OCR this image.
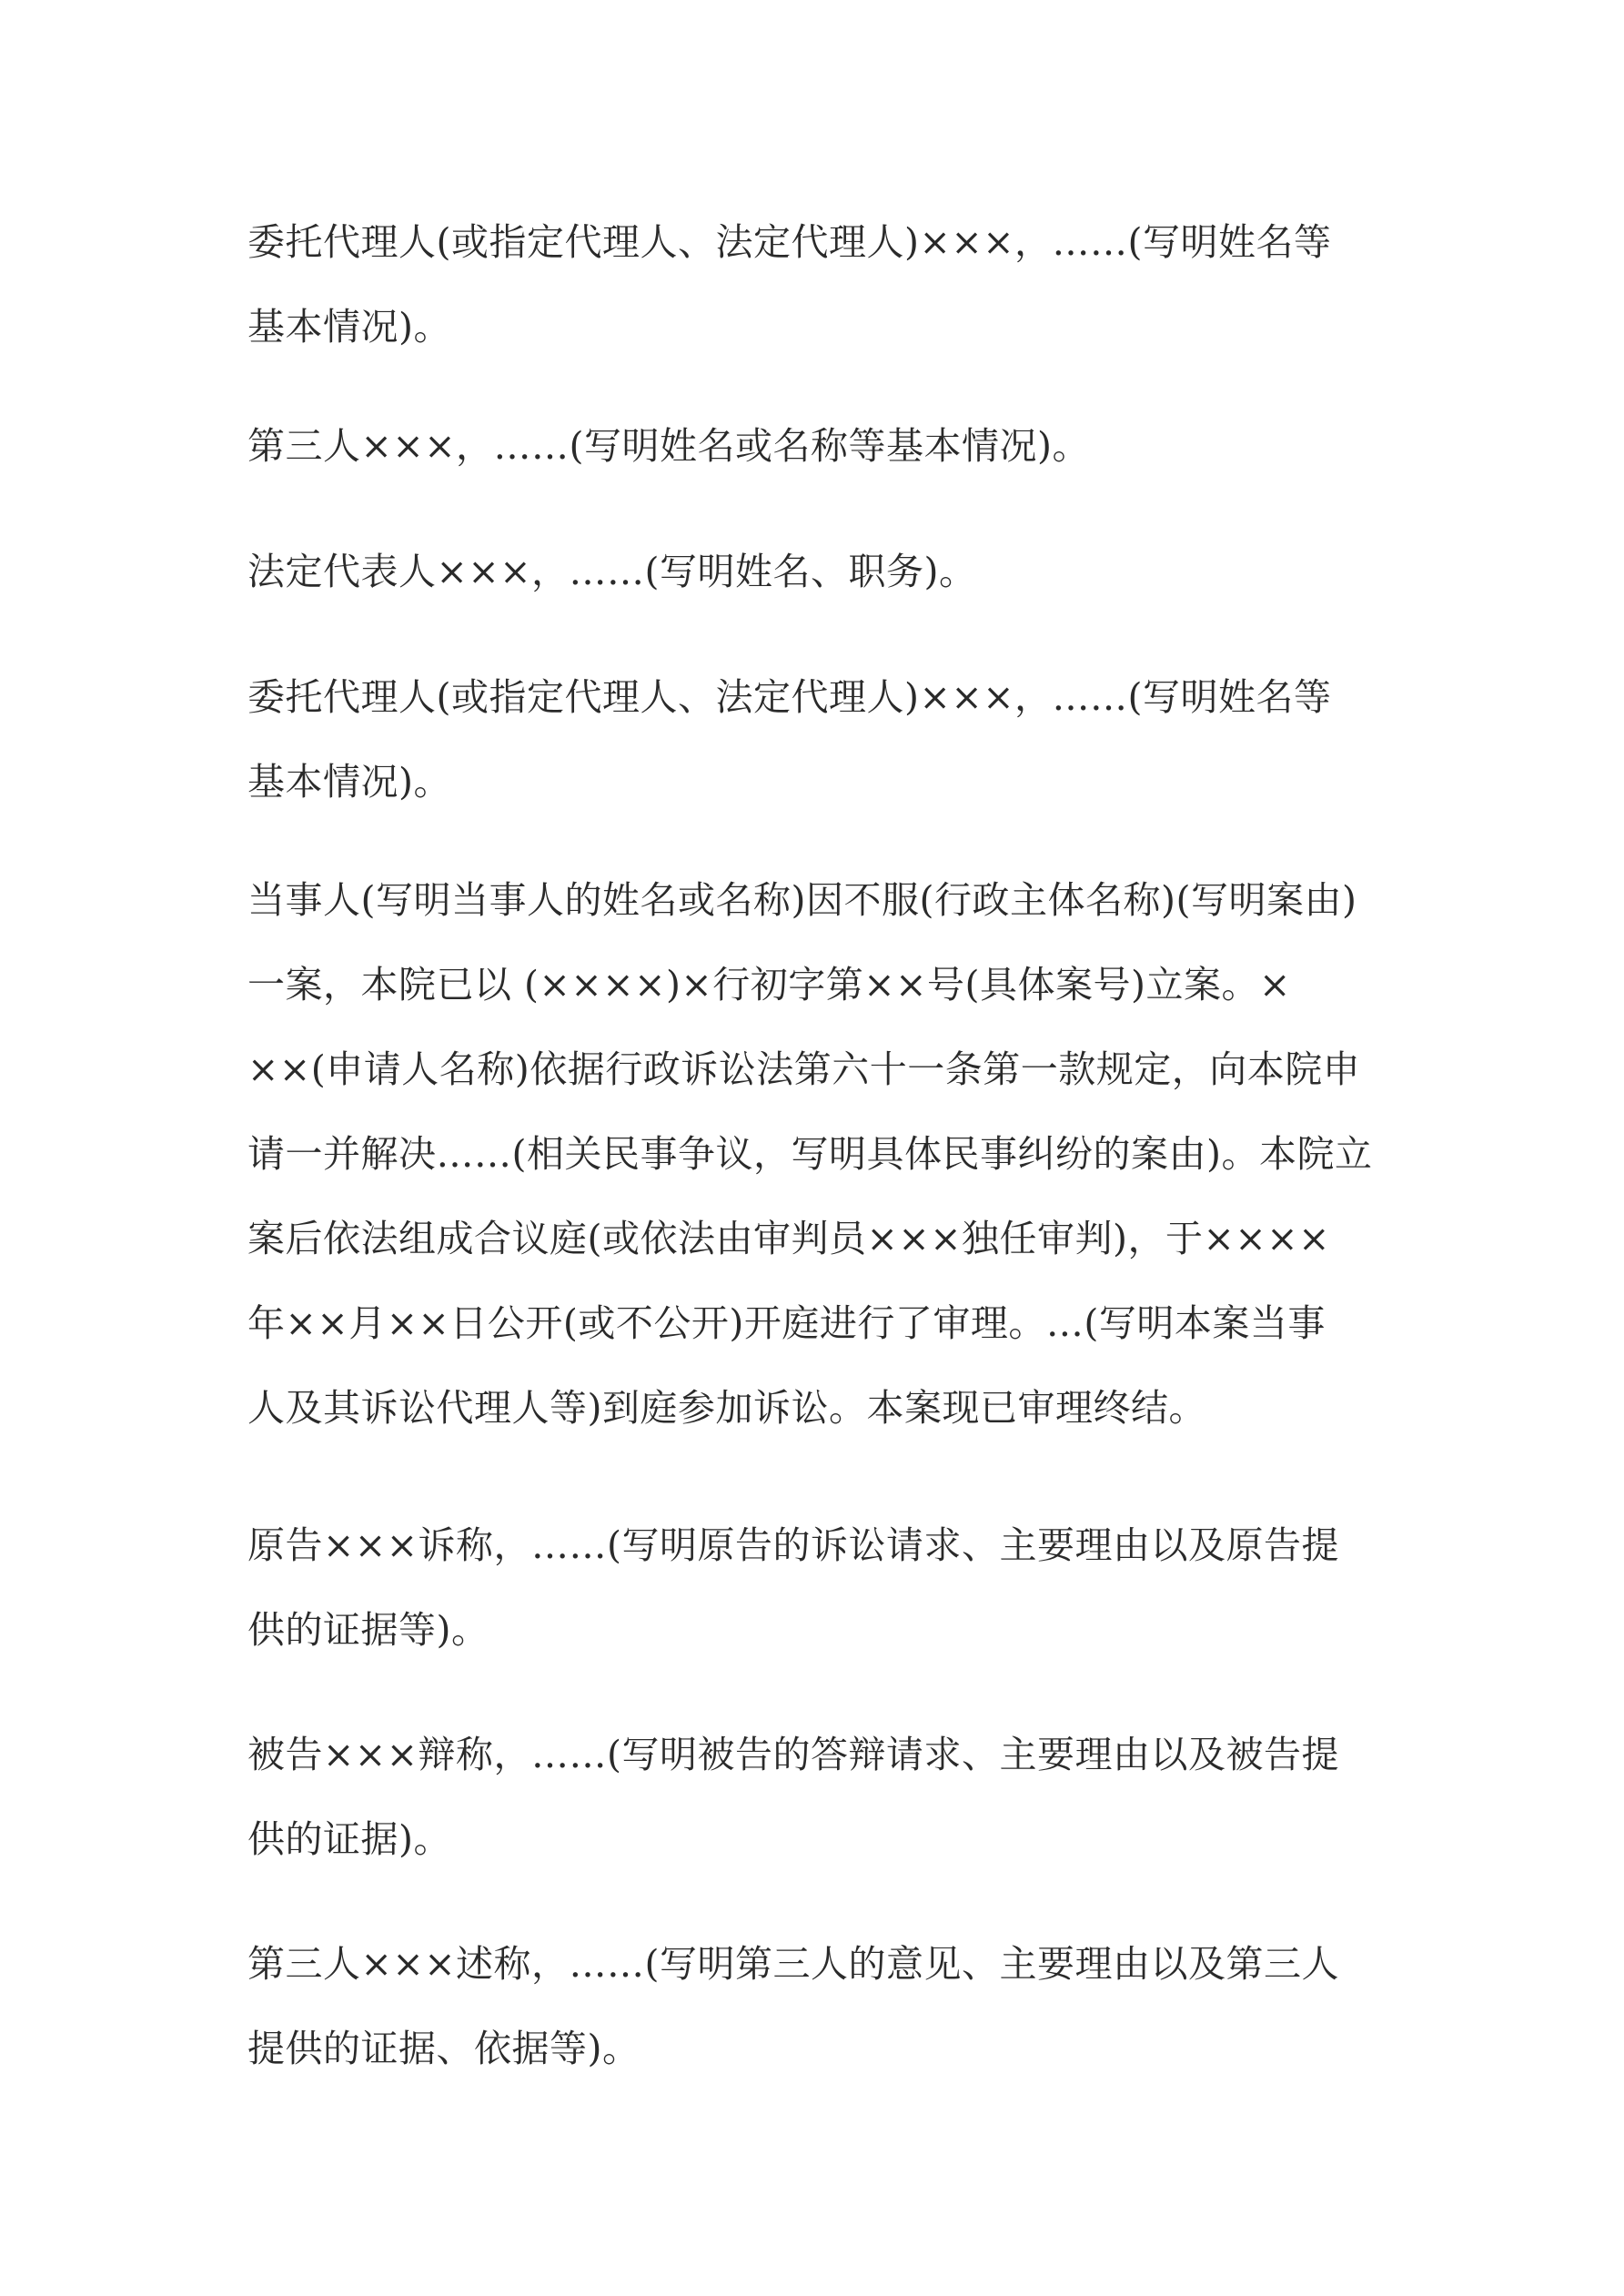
委托代理人(或指定代理人、法定代理人)×××，……(写明姓名等
基本情况)。

第三人×××，……(写明姓名或名称等基本情况)。

法定代表人×××，……(写明姓名、职务)。

委托代理人(或指定代理人、法定代理人)×××，……(写明姓名等
基本情况)。

当事人(写明当事人的姓名或名称)因不服(行政主体名称)(写明案由)
一案，本院已以 (××××)×行初字第××号(具体案号)立案。×
××(申请人名称)依据行政诉讼法第六十一条第一款规定，向本院申
请一并解决……(相关民事争议，写明具体民事纠纷的案由)。本院立
案后依法组成合议庭(或依法由审判员×××独任审判)，于××××
年××月××日公开(或不公开)开庭进行了审理。…(写明本案当事
人及其诉讼代理人等)到庭参加诉讼。本案现已审理终结。

原告×××诉称，……(写明原告的诉讼请求、主要理由以及原告提
供的证据等)。

被告×××辩称，……(写明被告的答辩请求、主要理由以及被告提
供的证据)。

第三人×××述称，……(写明第三人的意见、主要理由以及第三人
提供的证据、依据等)。
